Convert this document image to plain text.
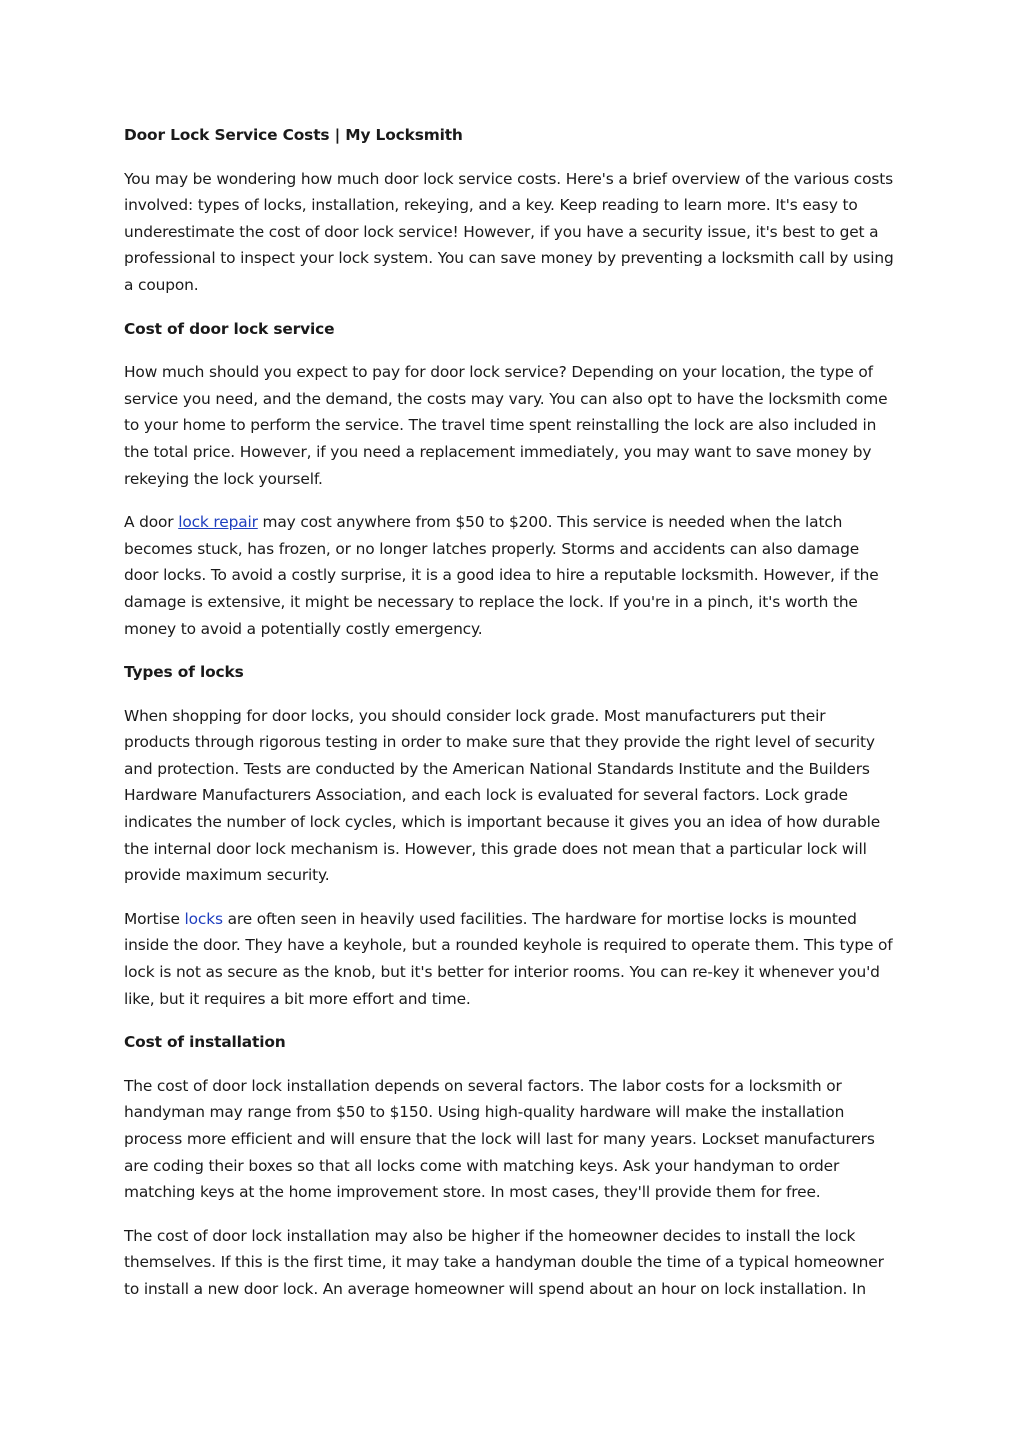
Door Lock Service Costs | My Locksmith

You may be wondering how much door lock service costs. Here's a brief overview of the various costs involved: types of locks, installation, rekeying, and a key. Keep reading to learn more. It's easy to underestimate the cost of door lock service! However, if you have a security issue, it's best to get a professional to inspect your lock system. You can save money by preventing a locksmith call by using a coupon.

Cost of door lock service

How much should you expect to pay for door lock service? Depending on your location, the type of service you need, and the demand, the costs may vary. You can also opt to have the locksmith come to your home to perform the service. The travel time spent reinstalling the lock are also included in the total price. However, if you need a replacement immediately, you may want to save money by rekeying the lock yourself.

A door lock repair may cost anywhere from $50 to $200. This service is needed when the latch becomes stuck, has frozen, or no longer latches properly. Storms and accidents can also damage door locks. To avoid a costly surprise, it is a good idea to hire a reputable locksmith. However, if the damage is extensive, it might be necessary to replace the lock. If you're in a pinch, it's worth the money to avoid a potentially costly emergency.

Types of locks

When shopping for door locks, you should consider lock grade. Most manufacturers put their products through rigorous testing in order to make sure that they provide the right level of security and protection. Tests are conducted by the American National Standards Institute and the Builders Hardware Manufacturers Association, and each lock is evaluated for several factors. Lock grade indicates the number of lock cycles, which is important because it gives you an idea of how durable the internal door lock mechanism is. However, this grade does not mean that a particular lock will provide maximum security.

Mortise locks are often seen in heavily used facilities. The hardware for mortise locks is mounted inside the door. They have a keyhole, but a rounded keyhole is required to operate them. This type of lock is not as secure as the knob, but it's better for interior rooms. You can re-key it whenever you'd like, but it requires a bit more effort and time.

Cost of installation

The cost of door lock installation depends on several factors. The labor costs for a locksmith or handyman may range from $50 to $150. Using high-quality hardware will make the installation process more efficient and will ensure that the lock will last for many years. Lockset manufacturers are coding their boxes so that all locks come with matching keys. Ask your handyman to order matching keys at the home improvement store. In most cases, they'll provide them for free.

The cost of door lock installation may also be higher if the homeowner decides to install the lock themselves. If this is the first time, it may take a handyman double the time of a typical homeowner to install a new door lock. An average homeowner will spend about an hour on lock installation. In
